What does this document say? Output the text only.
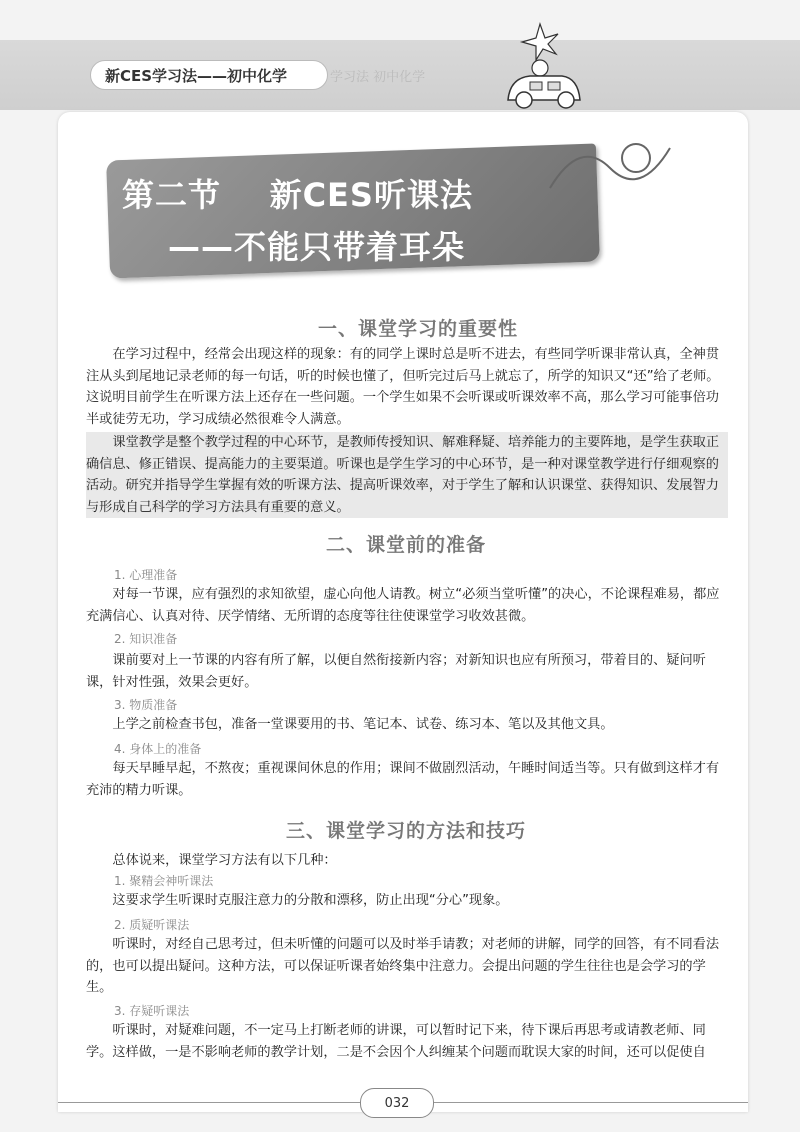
新CES学习法——初中化学	学习法 初中化学
第二节    新CES听课法
——不能只带着耳朵
一、课堂学习的重要性

在学习过程中，经常会出现这样的现象：有的同学上课时总是听不进去，有些同学听课非常认真，全神贯注从头到尾地记录老师的每一句话，听的时候也懂了，但听完过后马上就忘了，所学的知识又“还”给了老师。这说明目前学生在听课方法上还存在一些问题。一个学生如果不会听课或听课效率不高，那么学习可能事倍功半或徒劳无功，学习成绩必然很难令人满意。

课堂教学是整个教学过程的中心环节，是教师传授知识、解难释疑、培养能力的主要阵地，是学生获取正确信息、修正错误、提高能力的主要渠道。听课也是学生学习的中心环节，是一种对课堂教学进行仔细观察的活动。研究并指导学生掌握有效的听课方法、提高听课效率，对于学生了解和认识课堂、获得知识、发展智力与形成自己科学的学习方法具有重要的意义。

二、课堂前的准备
1. 心理准备

对每一节课，应有强烈的求知欲望，虚心向他人请教。树立“必须当堂听懂”的决心，不论课程难易，都应充满信心、认真对待、厌学情绪、无所谓的态度等往往使课堂学习收效甚微。

2. 知识准备

课前要对上一节课的内容有所了解，以便自然衔接新内容；对新知识也应有所预习，带着目的、疑问听课，针对性强，效果会更好。

3. 物质准备

上学之前检查书包，准备一堂课要用的书、笔记本、试卷、练习本、笔以及其他文具。

4. 身体上的准备

每天早睡早起，不熬夜；重视课间休息的作用；课间不做剧烈活动，午睡时间适当等。只有做到这样才有充沛的精力听课。

三、课堂学习的方法和技巧

总体说来，课堂学习方法有以下几种：

1. 聚精会神听课法

这要求学生听课时克服注意力的分散和漂移，防止出现“分心”现象。

2. 质疑听课法

听课时，对经自己思考过，但未听懂的问题可以及时举手请教；对老师的讲解，同学的回答，有不同看法的，也可以提出疑问。这种方法，可以保证听课者始终集中注意力。会提出问题的学生往往也是会学习的学生。

3. 存疑听课法

听课时，对疑难问题，不一定马上打断老师的讲课，可以暂时记下来，待下课后再思考或请教老师、同学。这样做，一是不影响老师的教学计划，二是不会因个人纠缠某个问题而耽误大家的时间，还可以促使自

032
